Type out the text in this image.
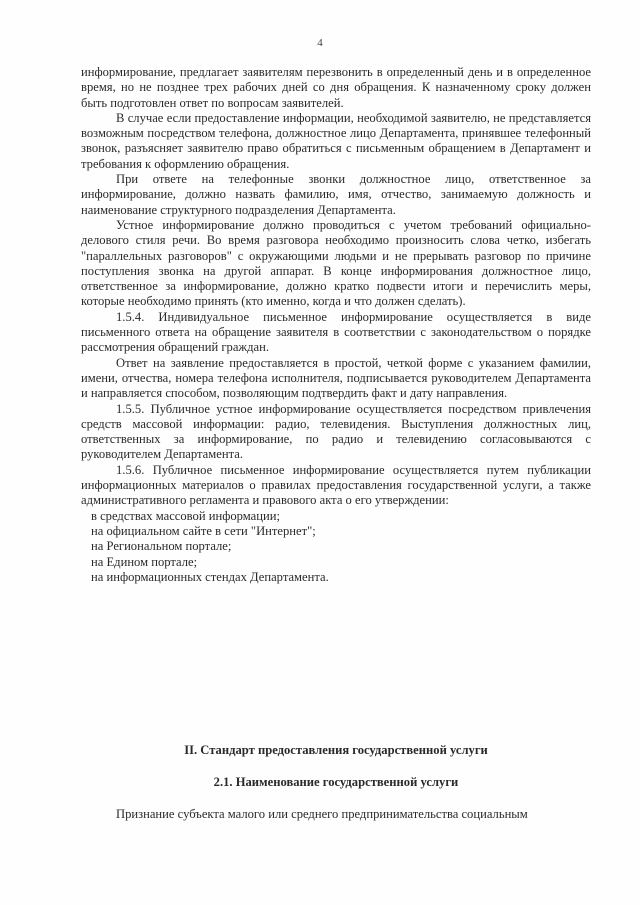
4

информирование, предлагает заявителям перезвонить в определенный день и в определенное время, но не позднее трех рабочих дней со дня обращения. К назначенному сроку должен быть подготовлен ответ по вопросам заявителей.

В случае если предоставление информации, необходимой заявителю, не представляется возможным посредством телефона, должностное лицо Департамента, принявшее телефонный звонок, разъясняет заявителю право обратиться с письменным обращением в Департамент и требования к оформлению обращения.

При ответе на телефонные звонки должностное лицо, ответственное за информирование, должно назвать фамилию, имя, отчество, занимаемую должность и наименование структурного подразделения Департамента.

Устное информирование должно проводиться с учетом требований официально-делового стиля речи. Во время разговора необходимо произносить слова четко, избегать "параллельных разговоров" с окружающими людьми и не прерывать разговор по причине поступления звонка на другой аппарат. В конце информирования должностное лицо, ответственное за информирование, должно кратко подвести итоги и перечислить меры, которые необходимо принять (кто именно, когда и что должен сделать).

1.5.4. Индивидуальное письменное информирование осуществляется в виде письменного ответа на обращение заявителя в соответствии с законодательством о порядке рассмотрения обращений граждан.

Ответ на заявление предоставляется в простой, четкой форме с указанием фамилии, имени, отчества, номера телефона исполнителя, подписывается руководителем Департамента и направляется способом, позволяющим подтвердить факт и дату направления.

1.5.5. Публичное устное информирование осуществляется посредством привлечения средств массовой информации: радио, телевидения. Выступления должностных лиц, ответственных за информирование, по радио и телевидению согласовываются с руководителем Департамента.

1.5.6. Публичное письменное информирование осуществляется путем публикации информационных материалов о правилах предоставления государственной услуги, а также административного регламента и правового акта о его утверждении:

в средствах массовой информации;

на официальном сайте в сети "Интернет";

на Региональном портале;

на Едином портале;

на информационных стендах Департамента.

II. Стандарт предоставления государственной услуги
2.1. Наименование государственной услуги
Признание субъекта малого или среднего предпринимательства социальным
